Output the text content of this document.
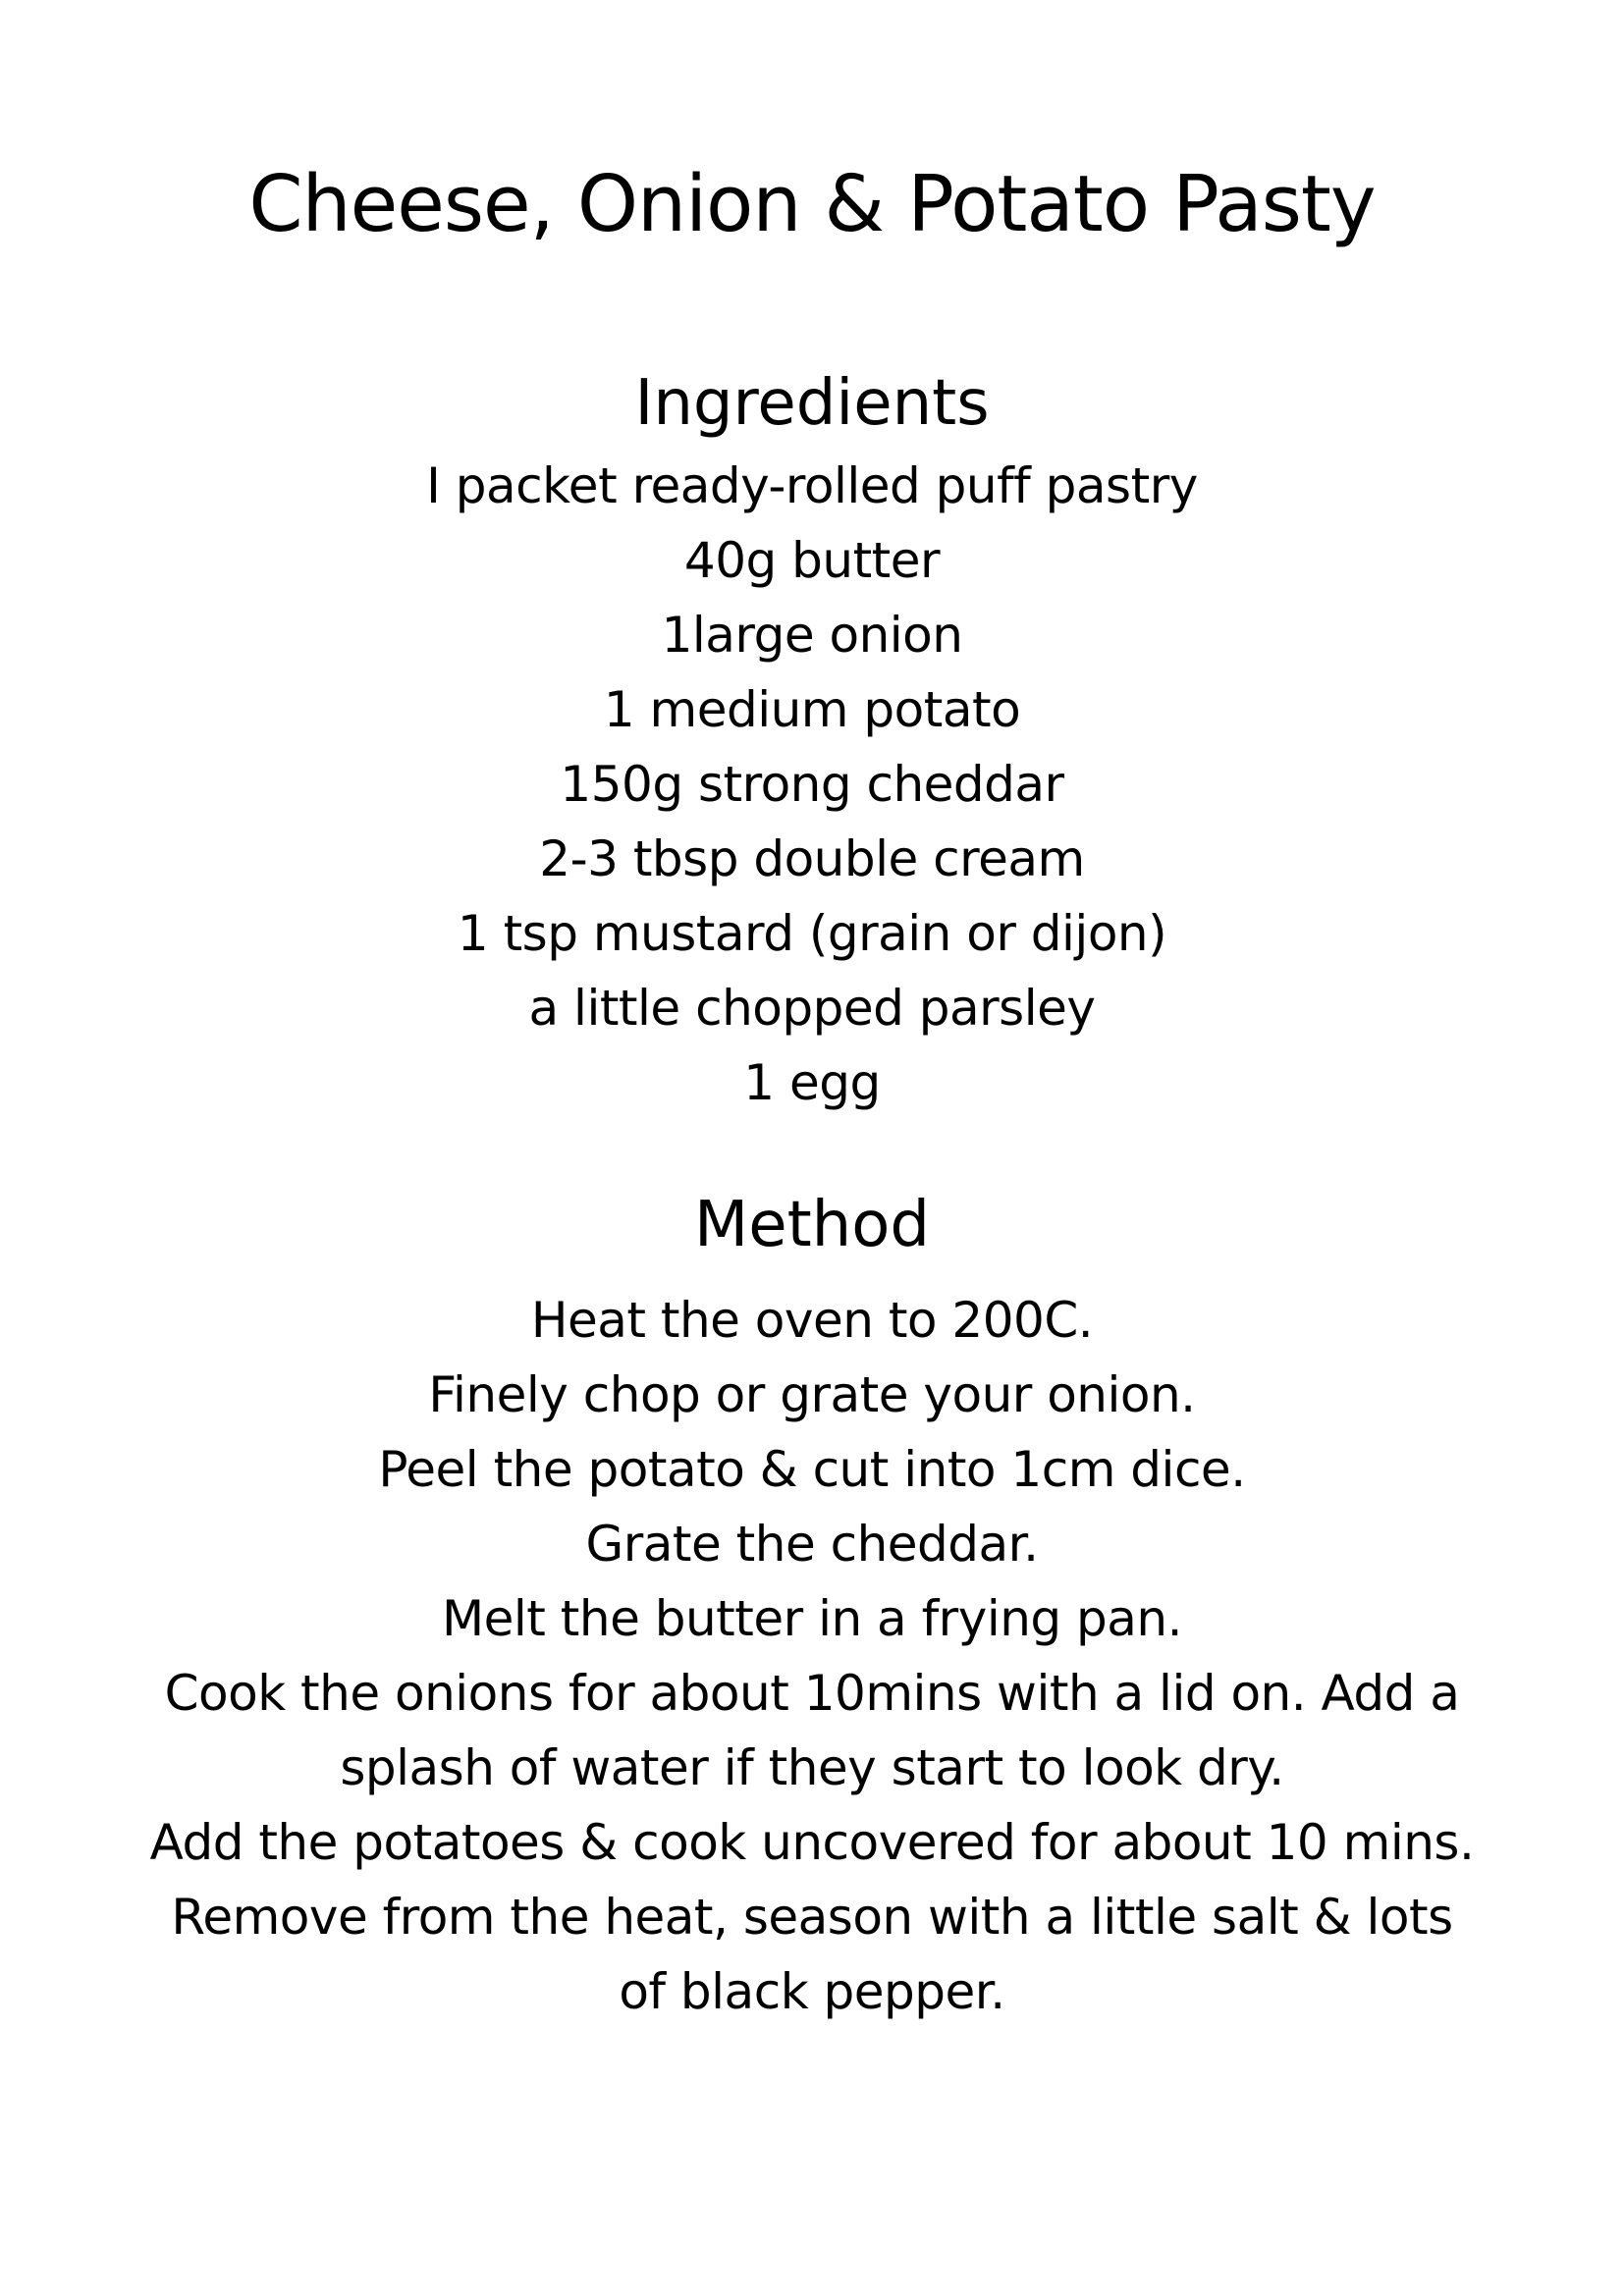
Cheese, Onion & Potato Pasty
Ingredients
I packet ready-rolled puff pastry
40g butter
1large onion
1 medium potato
150g strong cheddar
2-3 tbsp double cream
1 tsp mustard (grain or dijon)
a little chopped parsley
1 egg
Method
Heat the oven to 200C.
Finely chop or grate your onion.
Peel the potato & cut into 1cm dice.
Grate the cheddar.
Melt the butter in a frying pan.
Cook the onions for about 10mins with a lid on. Add a splash of water if they start to look dry.
Add the potatoes & cook uncovered for about 10 mins.
Remove from the heat, season with a little salt & lots of black pepper.
